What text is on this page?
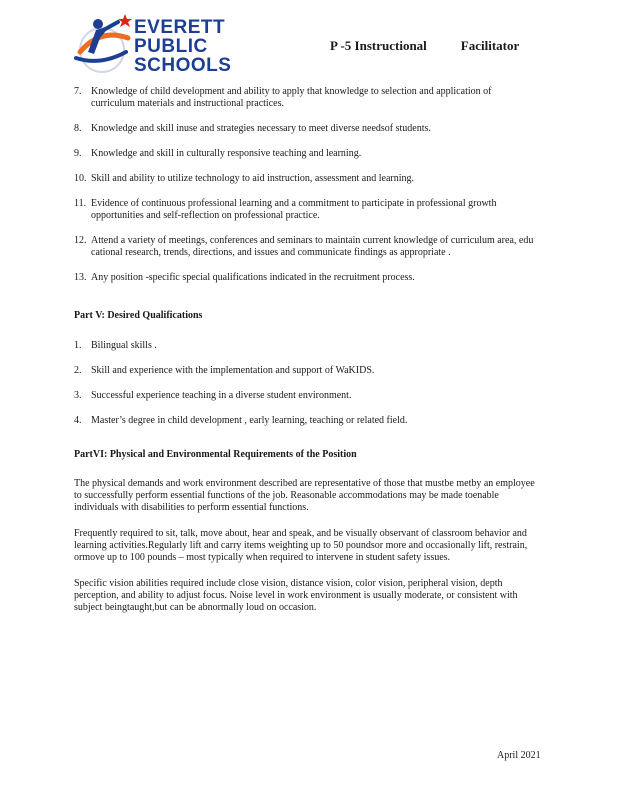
EVERETT
PUBLIC
SCHOOLS
P -5 Instructional	Facilitator
7. Knowledge of child development and ability to apply that knowledge to selection and application of curriculum materials and instructional practices.
8. Knowledge and skill inuse and strategies necessary to meet diverse needsof students.
9. Knowledge and skill in culturally responsive teaching and learning.
10. Skill and ability to utilize technology to aid instruction, assessment and learning.
11. Evidence of continuous professional learning and a commitment to participate in professional growth opportunities and self-reflection on professional practice.
12. Attend a variety of meetings, conferences and seminars to maintain current knowledge of curriculum area, edu cational research, trends, directions, and issues and communicate findings as appropriate .
13. Any position -specific special qualifications indicated in the recruitment process.
Part V: Desired Qualifications
1. Bilingual skills .
2. Skill and experience with the implementation and support of WaKIDS.
3. Successful experience teaching in a diverse student environment.
4. Master’s degree in child development , early learning, teaching or related field.
PartVI: Physical and Environmental Requirements of the Position
The physical demands and work environment described are representative of those that mustbe metby an employee to successfully perform essential functions of the job. Reasonable accommodations may be made toenable individuals with disabilities to perform essential functions.
Frequently required to sit, talk, move about, hear and speak, and be visually observant of classroom behavior and learning activities.Regularly lift and carry items weighting up to 50 poundsor more and occasionally lift, restrain, ormove up to 100 pounds – most typically when required to intervene in student safety issues.
Specific vision abilities required include close vision, distance vision, color vision, peripheral vision, depth perception, and ability to adjust focus. Noise level in work environment is usually moderate, or consistent with subject beingtaught,but can be abnormally loud on occasion.
April 2021
